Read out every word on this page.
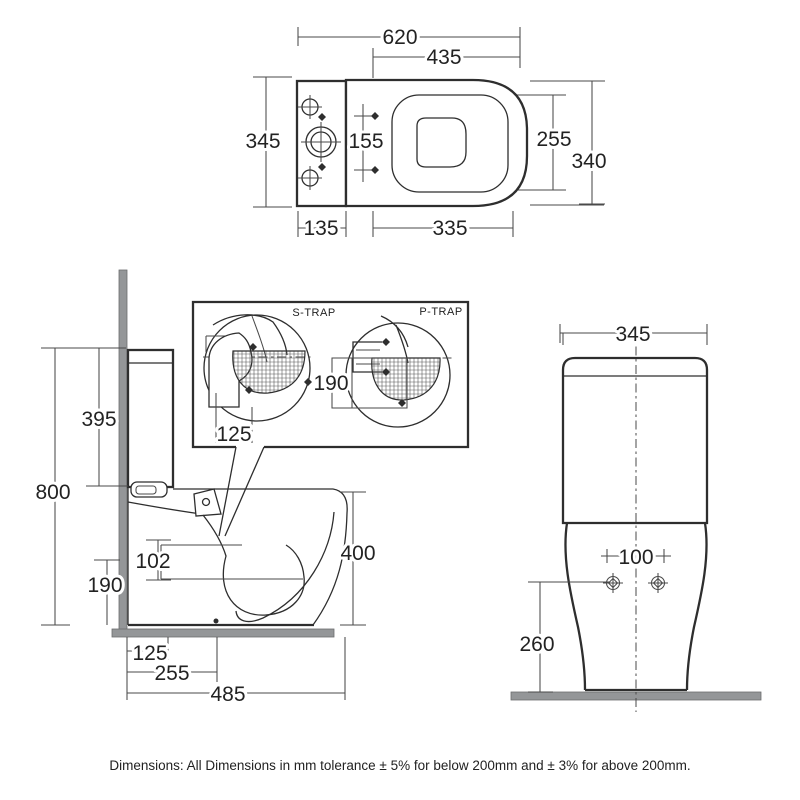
620
435
345	155	255
340
135	335
125
S-TRAP	P-TRAP
190
800
395
190
102	400
125
255
485
345
100
260
Dimensions: All Dimensions in mm tolerance ± 5% for below 200mm and ± 3% for above 200mm.
